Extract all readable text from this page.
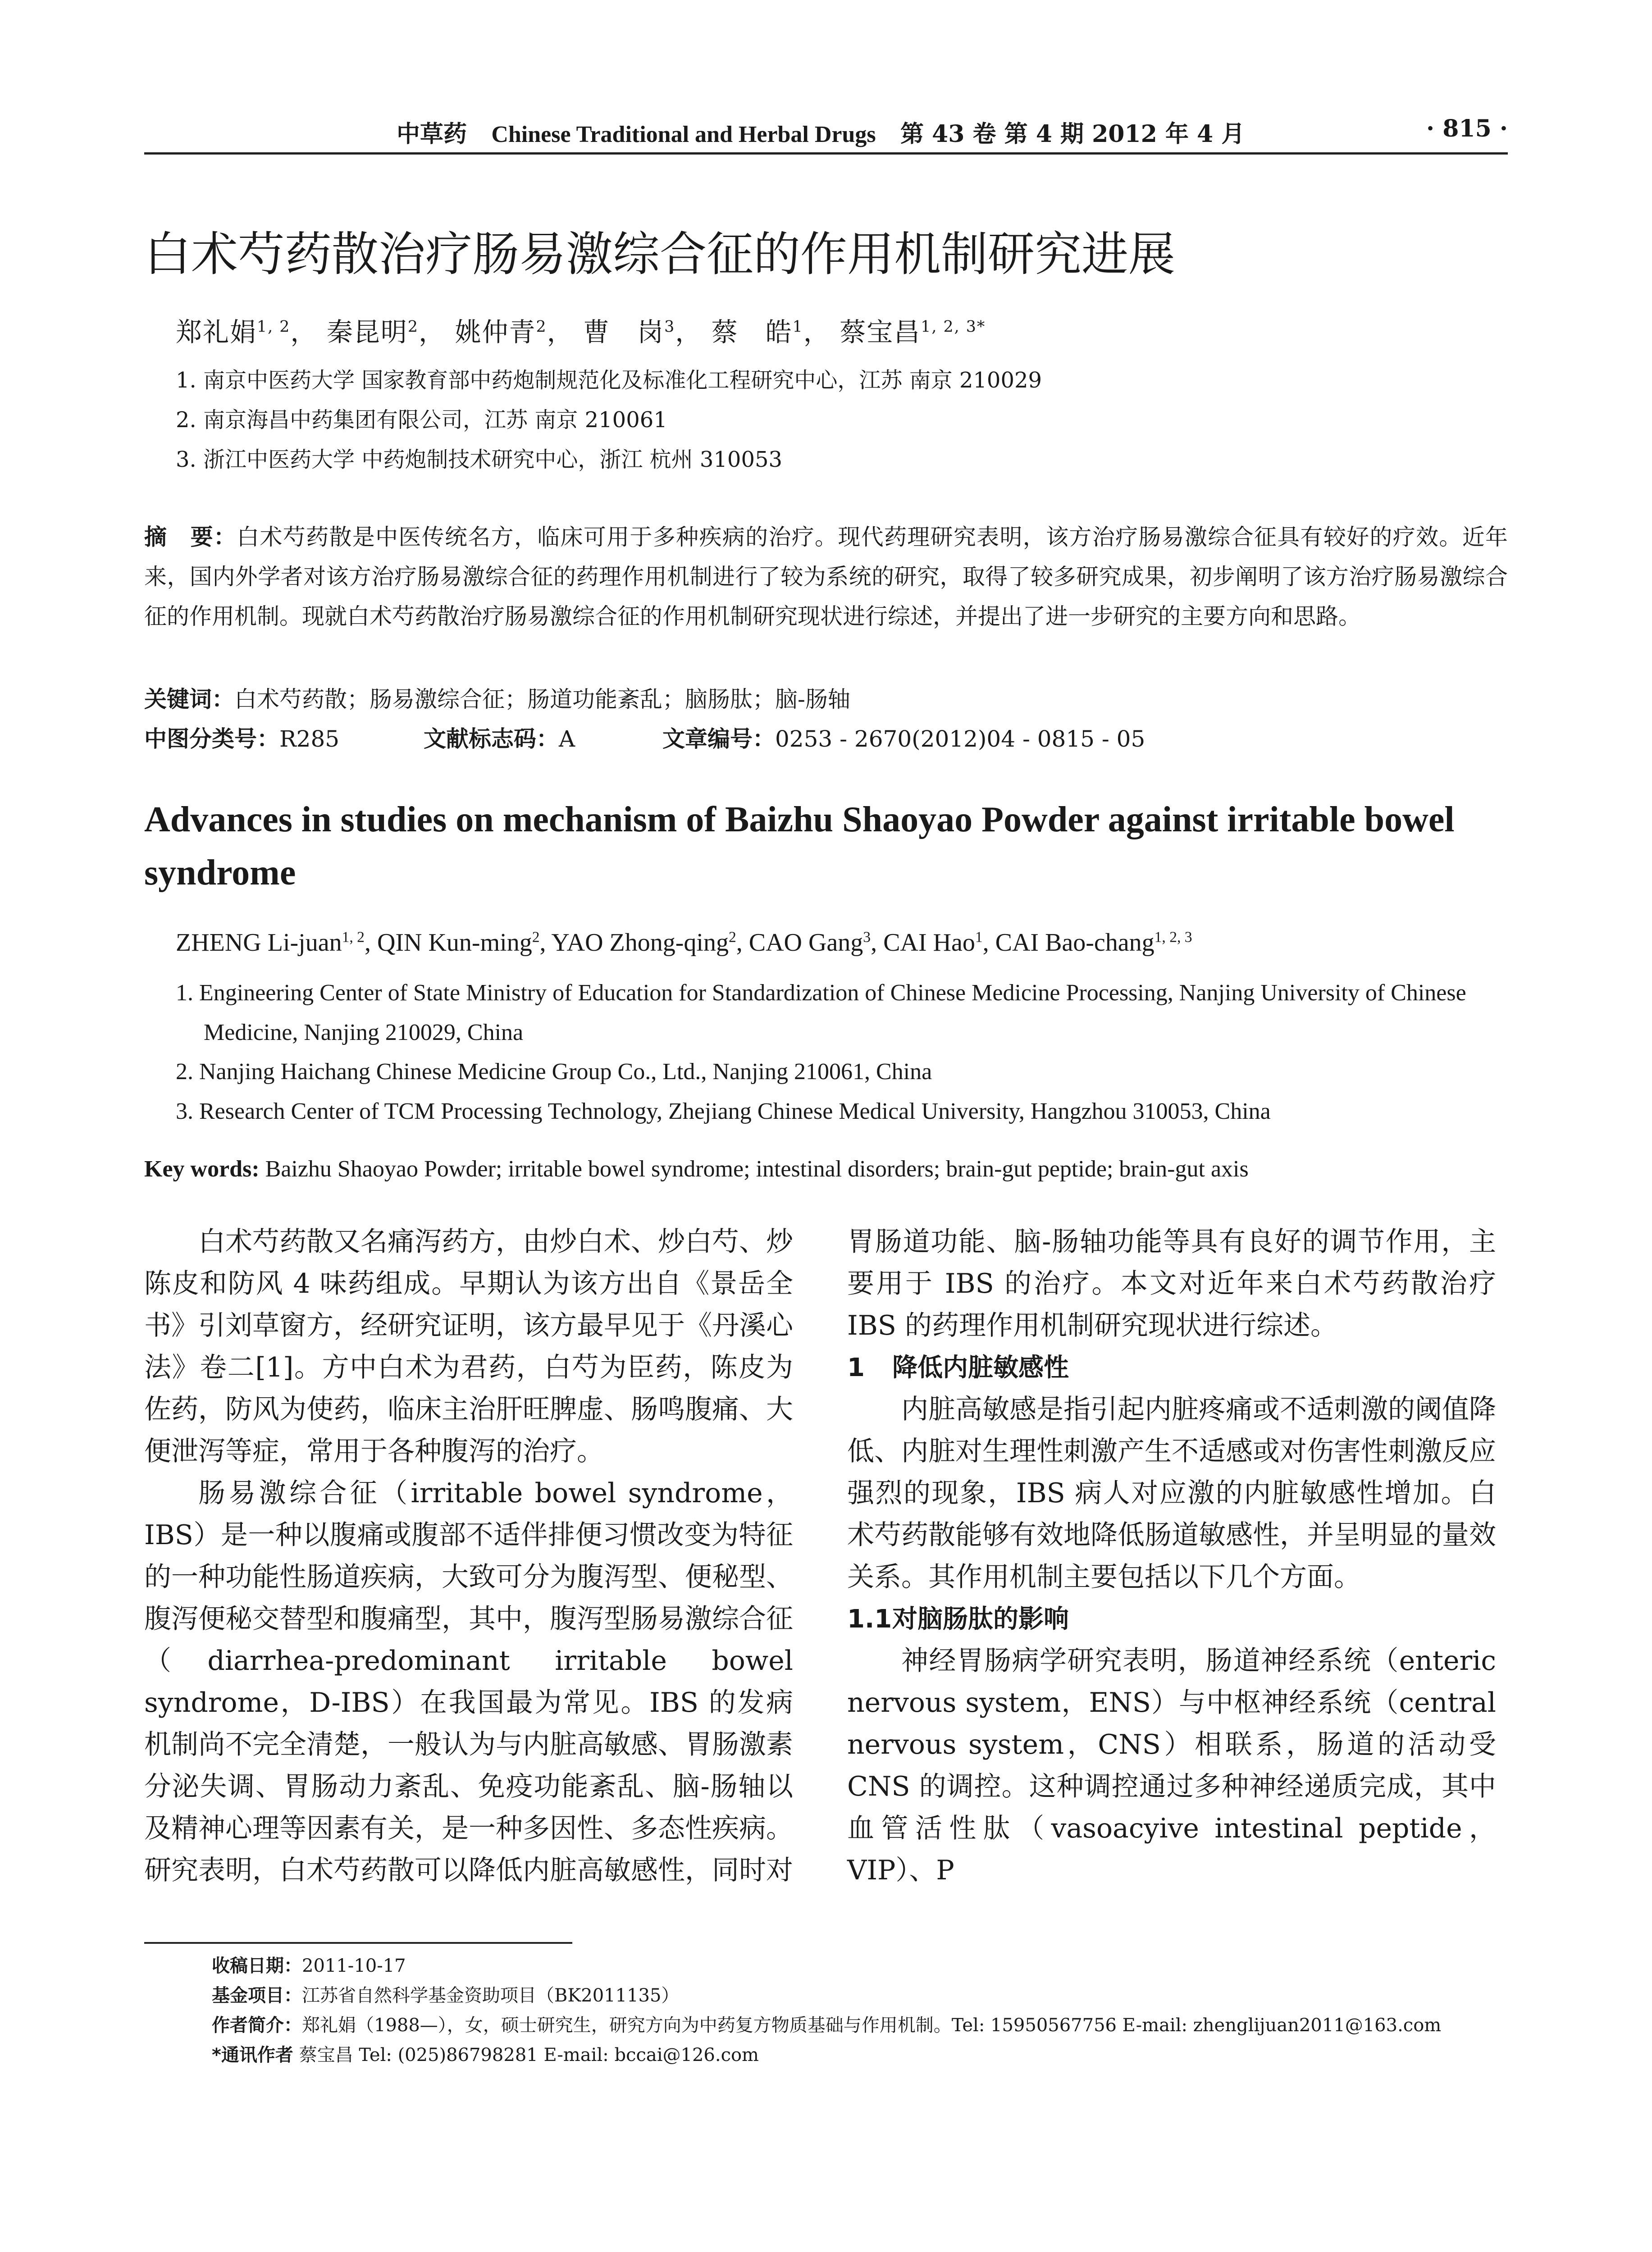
中草药 Chinese Traditional and Herbal Drugs 第 43 卷 第 4 期 2012 年 4 月	· 815 ·
白术芍药散治疗肠易激综合征的作用机制研究进展
郑礼娟$^{1, 2}$， 秦昆明$^2$， 姚仲青$^2$， 曹　岗$^3$， 蔡　皓$^1$， 蔡宝昌$^{1, 2, 3*}$
1. 南京中医药大学 国家教育部中药炮制规范化及标准化工程研究中心，江苏 南京 210029
2. 南京海昌中药集团有限公司，江苏 南京 210061
3. 浙江中医药大学 中药炮制技术研究中心，浙江 杭州 310053
摘　要：白术芍药散是中医传统名方，临床可用于多种疾病的治疗。现代药理研究表明，该方治疗肠易激综合征具有较好的疗效。近年来，国内外学者对该方治疗肠易激综合征的药理作用机制进行了较为系统的研究，取得了较多研究成果，初步阐明了该方治疗肠易激综合征的作用机制。现就白术芍药散治疗肠易激综合征的作用机制研究现状进行综述，并提出了进一步研究的主要方向和思路。
关键词：白术芍药散；肠易激综合征；肠道功能紊乱；脑肠肽；脑-肠轴
中图分类号：R285	文献标志码：A	文章编号：0253 - 2670(2012)04 - 0815 - 05
Advances in studies on mechanism of Baizhu Shaoyao Powder against irritable bowel syndrome
ZHENG Li-juan$^{1, 2}$, QIN Kun-ming$^2$, YAO Zhong-qing$^2$, CAO Gang$^3$, CAI Hao$^1$, CAI Bao-chang$^{1, 2, 3}$
1. Engineering Center of State Ministry of Education for Standardization of Chinese Medicine Processing, Nanjing University of Chinese Medicine, Nanjing 210029, China
2. Nanjing Haichang Chinese Medicine Group Co., Ltd., Nanjing 210061, China
3. Research Center of TCM Processing Technology, Zhejiang Chinese Medical University, Hangzhou 310053, China
Key words: Baizhu Shaoyao Powder; irritable bowel syndrome; intestinal disorders; brain-gut peptide; brain-gut axis

白术芍药散又名痛泻药方，由炒白术、炒白芍、炒陈皮和防风 4 味药组成。早期认为该方出自《景岳全书》引刘草窗方，经研究证明，该方最早见于《丹溪心法》卷二[1]。方中白术为君药，白芍为臣药，陈皮为佐药，防风为使药，临床主治肝旺脾虚、肠鸣腹痛、大便泄泻等症，常用于各种腹泻的治疗。

肠易激综合征（irritable bowel syndrome，IBS）是一种以腹痛或腹部不适伴排便习惯改变为特征的一种功能性肠道疾病，大致可分为腹泻型、便秘型、腹泻便秘交替型和腹痛型，其中，腹泻型肠易激综合征（diarrhea-predominant irritable bowel syndrome，D-IBS）在我国最为常见。IBS 的发病机制尚不完全清楚，一般认为与内脏高敏感、胃肠激素分泌失调、胃肠动力紊乱、免疫功能紊乱、脑-肠轴以及精神心理等因素有关，是一种多因性、多态性疾病。研究表明，白术芍药散可以降低内脏高敏感性，同时对

胃肠道功能、脑-肠轴功能等具有良好的调节作用，主要用于 IBS 的治疗。本文对近年来白术芍药散治疗 IBS 的药理作用机制研究现状进行综述。

1 降低内脏敏感性

内脏高敏感是指引起内脏疼痛或不适刺激的阈值降低、内脏对生理性刺激产生不适感或对伤害性刺激反应强烈的现象，IBS 病人对应激的内脏敏感性增加。白术芍药散能够有效地降低肠道敏感性，并呈明显的量效关系。其作用机制主要包括以下几个方面。

1.1对脑肠肽的影响

神经胃肠病学研究表明，肠道神经系统（enteric nervous system，ENS）与中枢神经系统（central nervous system，CNS）相联系，肠道的活动受 CNS 的调控。这种调控通过多种神经递质完成，其中血管活性肽（vasoacyive intestinal peptide，VIP）、P

收稿日期：2011-10-17
基金项目：江苏省自然科学基金资助项目（BK2011135）
作者简介：郑礼娟（1988—），女，硕士研究生，研究方向为中药复方物质基础与作用机制。Tel: 15950567756 E-mail: zhenglijuan2011@163.com
*通讯作者 蔡宝昌 Tel: (025)86798281 E-mail: bccai@126.com
